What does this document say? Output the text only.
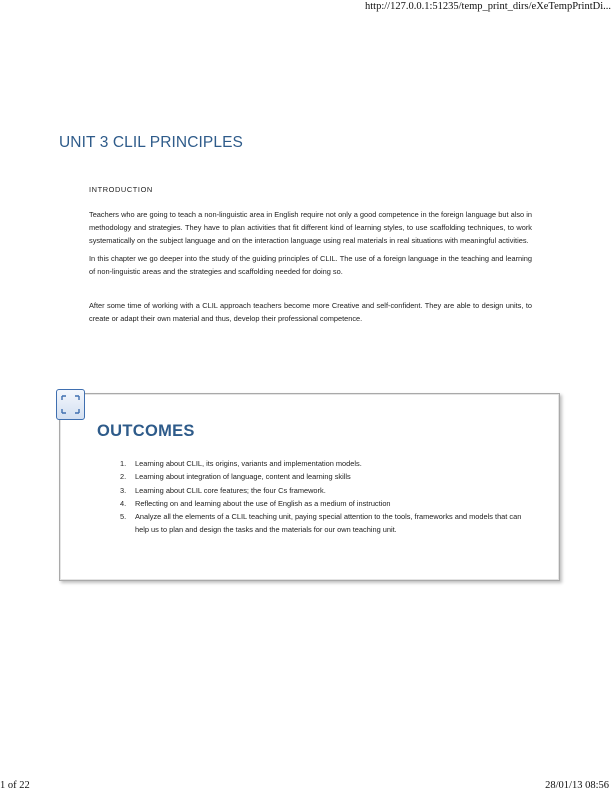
http://127.0.0.1:51235/temp_print_dirs/eXeTempPrintDi...
UNIT 3 CLIL PRINCIPLES
INTRODUCTION

Teachers who are going to teach a non-linguistic area in English require not only a good competence in the foreign language but also in methodology and strategies. They have to plan activities that fit different kind of learning styles, to use scaffolding techniques, to work systematically on the subject language and on the interaction language using real materials in real situations with meaningful activities.

In this chapter we go deeper into the study of the guiding principles of CLIL. The use of a foreign language in the teaching and learning of non-linguistic areas and the strategies and scaffolding needed for doing so.

After some time of working with a CLIL approach teachers become more Creative and self-confident. They are able to design units, to create or adapt their own material and thus, develop their professional competence.

OUTCOMES
1. Learning about CLIL, its origins, variants and implementation models.
2. Learning about integration of language, content and learning skills
3. Learning about CLIL core features; the four Cs framework.
4. Reflecting on and learning about the use of English as a medium of instruction
5. Analyze all the elements of a CLIL teaching unit, paying special attention to the tools, frameworks and models that can help us to plan and design the tasks and the materials for our own teaching unit.
1 of 22	28/01/13 08:56
